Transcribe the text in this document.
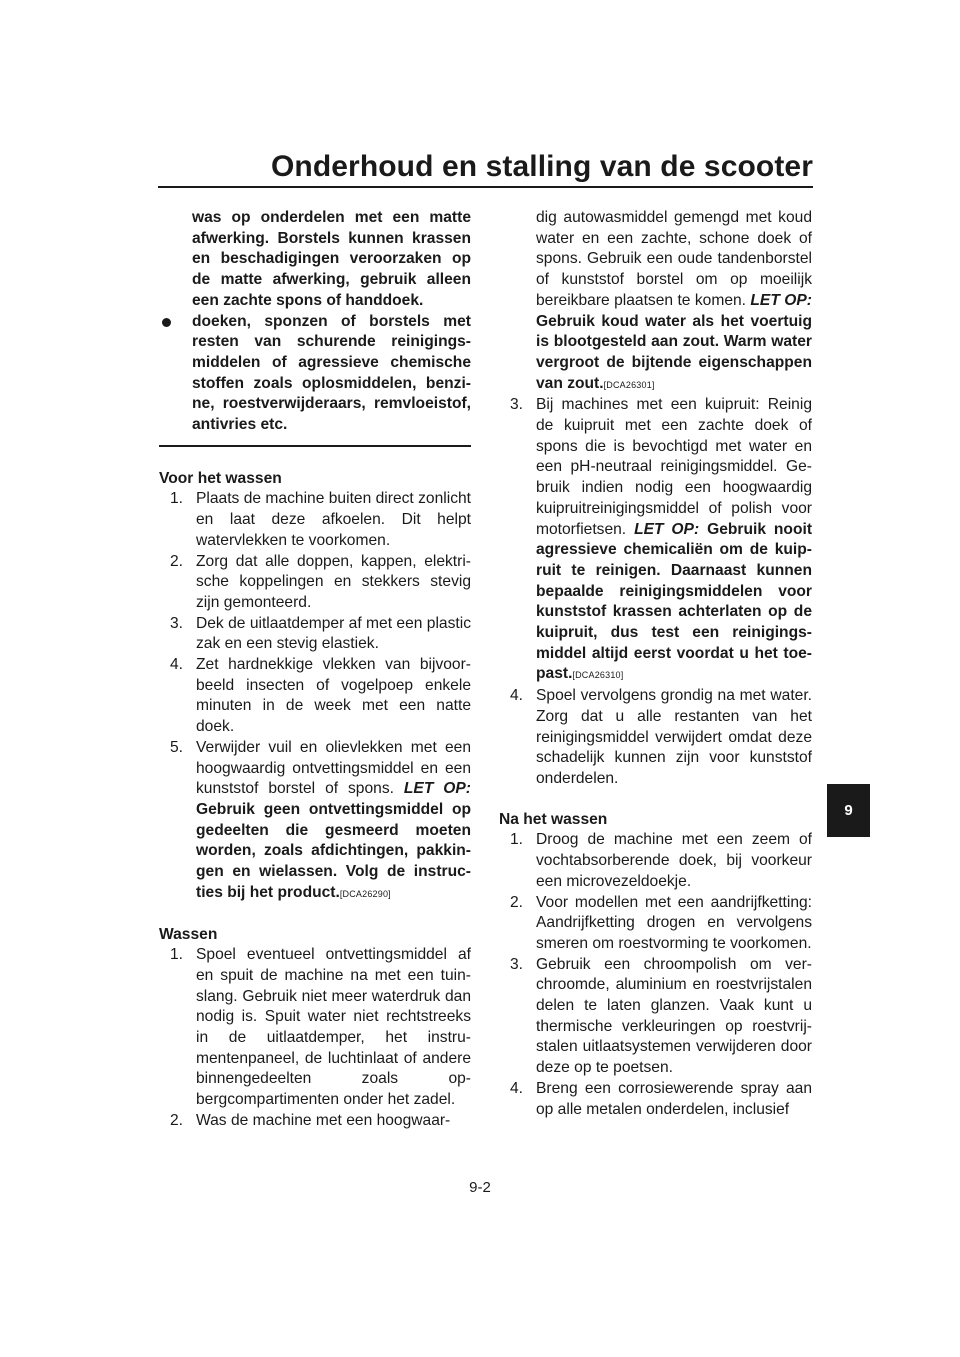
Onderhoud en stalling van de scooter
9
was op onderdelen met een matte afwerking. Borstels kunnen krassen en beschadigingen veroorzaken op de matte afwerking, gebruik alleen een zachte spons of handdoek.
doeken, sponzen of borstels met resten van schurende reinigingsmiddelen of agressieve chemische stoffen zoals oplosmiddelen, benzine, roestverwijderaars, remvloeistof, antivries etc.
Voor het wassen
1. Plaats de machine buiten direct zonlicht en laat deze afkoelen. Dit helpt watervlekken te voorkomen.
2. Zorg dat alle doppen, kappen, elektrische koppelingen en stekkers stevig zijn gemonteerd.
3. Dek de uitlaatdemper af met een plastic zak en een stevig elastiek.
4. Zet hardnekkige vlekken van bijvoorbeeld insecten of vogelpoep enkele minuten in de week met een natte doek.
5. Verwijder vuil en olievlekken met een hoogwaardig ontvettingsmiddel en een kunststof borstel of spons. LET OP: Gebruik geen ontvettingsmiddel op gedeelten die gesmeerd moeten worden, zoals afdichtingen, pakkingen en wielassen. Volg de instructies bij het product.[DCA26290]
Wassen
1. Spoel eventueel ontvettingsmiddel af en spuit de machine na met een tuinslang. Gebruik niet meer waterdruk dan nodig is. Spuit water niet rechtstreeks in de uitlaatdemper, het instrumentenpaneel, de luchtinlaat of andere binnengedeelten zoals opbergcompartimenten onder het zadel.
2. Was de machine met een hoogwaar-
dig autowasmiddel gemengd met koud water en een zachte, schone doek of spons. Gebruik een oude tandenborstel of kunststof borstel om op moeilijk bereikbare plaatsen te komen. LET OP: Gebruik koud water als het voertuig is blootgesteld aan zout. Warm water vergroot de bijtende eigenschappen van zout.[DCA26301]
3. Bij machines met een kuipruit: Reinig de kuipruit met een zachte doek of spons die is bevochtigd met water en een pH-neutraal reinigingsmiddel. Gebruik indien nodig een hoogwaardig kuipruitreinigingsmiddel of polish voor motorfietsen. LET OP: Gebruik nooit agressieve chemicaliën om de kuipruit te reinigen. Daarnaast kunnen bepaalde reinigingsmiddelen voor kunststof krassen achterlaten op de kuipruit, dus test een reinigingsmiddel altijd eerst voordat u het toepast.[DCA26310]
4. Spoel vervolgens grondig na met water. Zorg dat u alle restanten van het reinigingsmiddel verwijdert omdat deze schadelijk kunnen zijn voor kunststof onderdelen.
Na het wassen
1. Droog de machine met een zeem of vochtabsorberende doek, bij voorkeur een microvezeldoekje.
2. Voor modellen met een aandrijfketting: Aandrijfketting drogen en vervolgens smeren om roestvorming te voorkomen.
3. Gebruik een chroompolish om verchroomde, aluminium en roestvrijstalen delen te laten glanzen. Vaak kunt u thermische verkleuringen op roestvrijstalen uitlaatsystemen verwijderen door deze op te poetsen.
4. Breng een corrosiewerende spray aan op alle metalen onderdelen, inclusief
9-2
